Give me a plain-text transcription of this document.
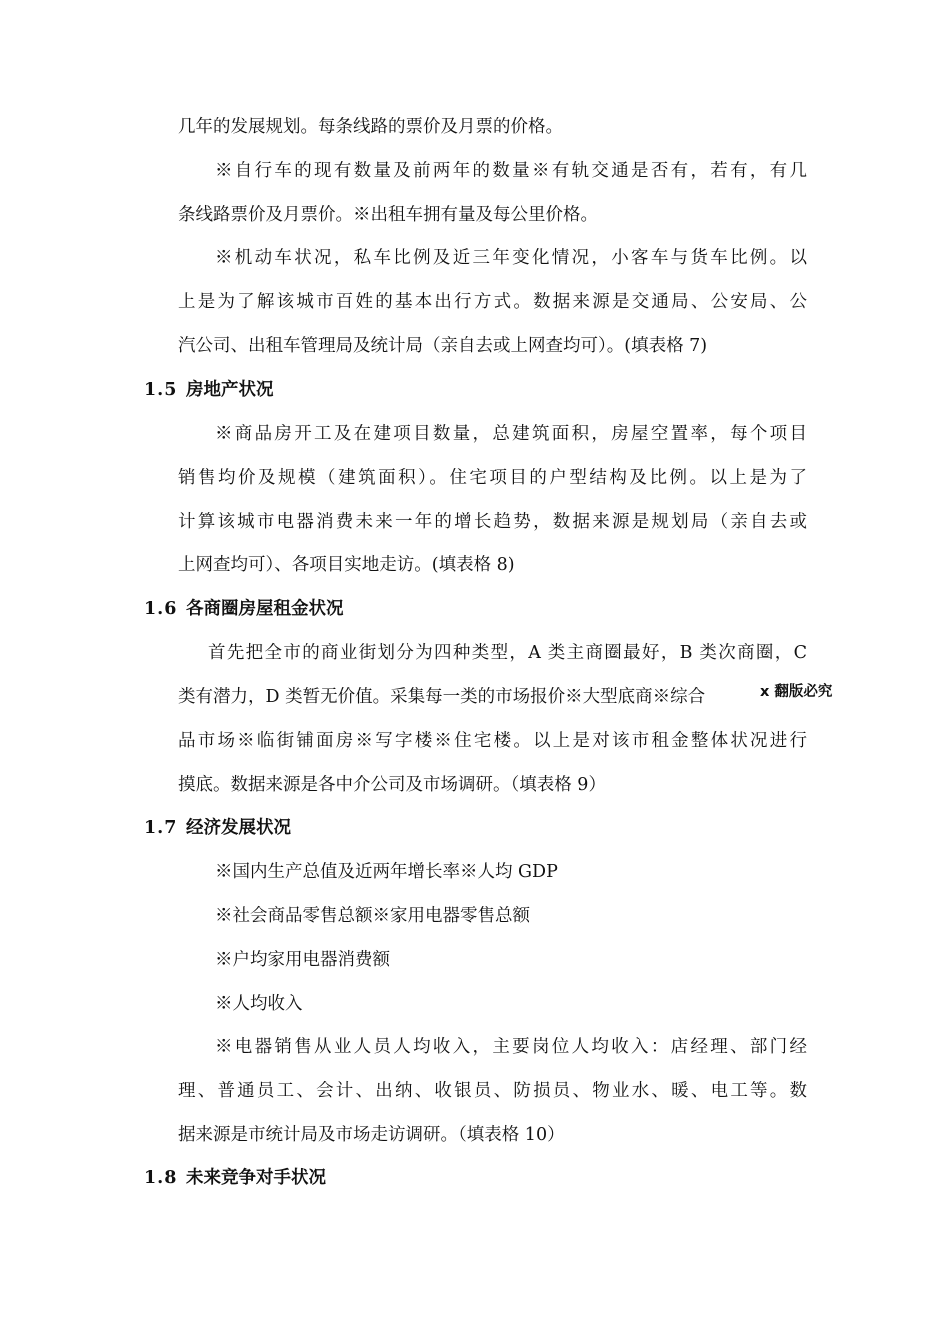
几年的发展规划。每条线路的票价及月票的价格。

※自行车的现有数量及前两年的数量※有轨交通是否有，若有，有几

条线路票价及月票价。※出租车拥有量及每公里价格。

※机动车状况，私车比例及近三年变化情况，小客车与货车比例。以

上是为了解该城市百姓的基本出行方式。数据来源是交通局、公安局、公

汽公司、出租车管理局及统计局（亲自去或上网查均可）。(填表格 7)

1.5 房地产状况

※商品房开工及在建项目数量，总建筑面积，房屋空置率，每个项目

销售均价及规模（建筑面积）。住宅项目的户型结构及比例。以上是为了

计算该城市电器消费未来一年的增长趋势，数据来源是规划局（亲自去或

上网查均可）、各项目实地走访。(填表格 8)

1.6 各商圈房屋租金状况

首先把全市的商业街划分为四种类型，A 类主商圈最好，B 类次商圈，C

类有潜力，D 类暂无价值。采集每一类的市场报价※大型底商※综合

品市场※临街铺面房※写字楼※住宅楼。以上是对该市租金整体状况进行

摸底。数据来源是各中介公司及市场调研。（填表格 9）

x 翻版必究

1.7 经济发展状况

※国内生产总值及近两年增长率※人均 GDP

※社会商品零售总额※家用电器零售总额

※户均家用电器消费额

※人均收入

※电器销售从业人员人均收入，主要岗位人均收入：店经理、部门经

理、普通员工、会计、出纳、收银员、防损员、物业水、暖、电工等。数

据来源是市统计局及市场走访调研。（填表格 10）

1.8 未来竞争对手状况
